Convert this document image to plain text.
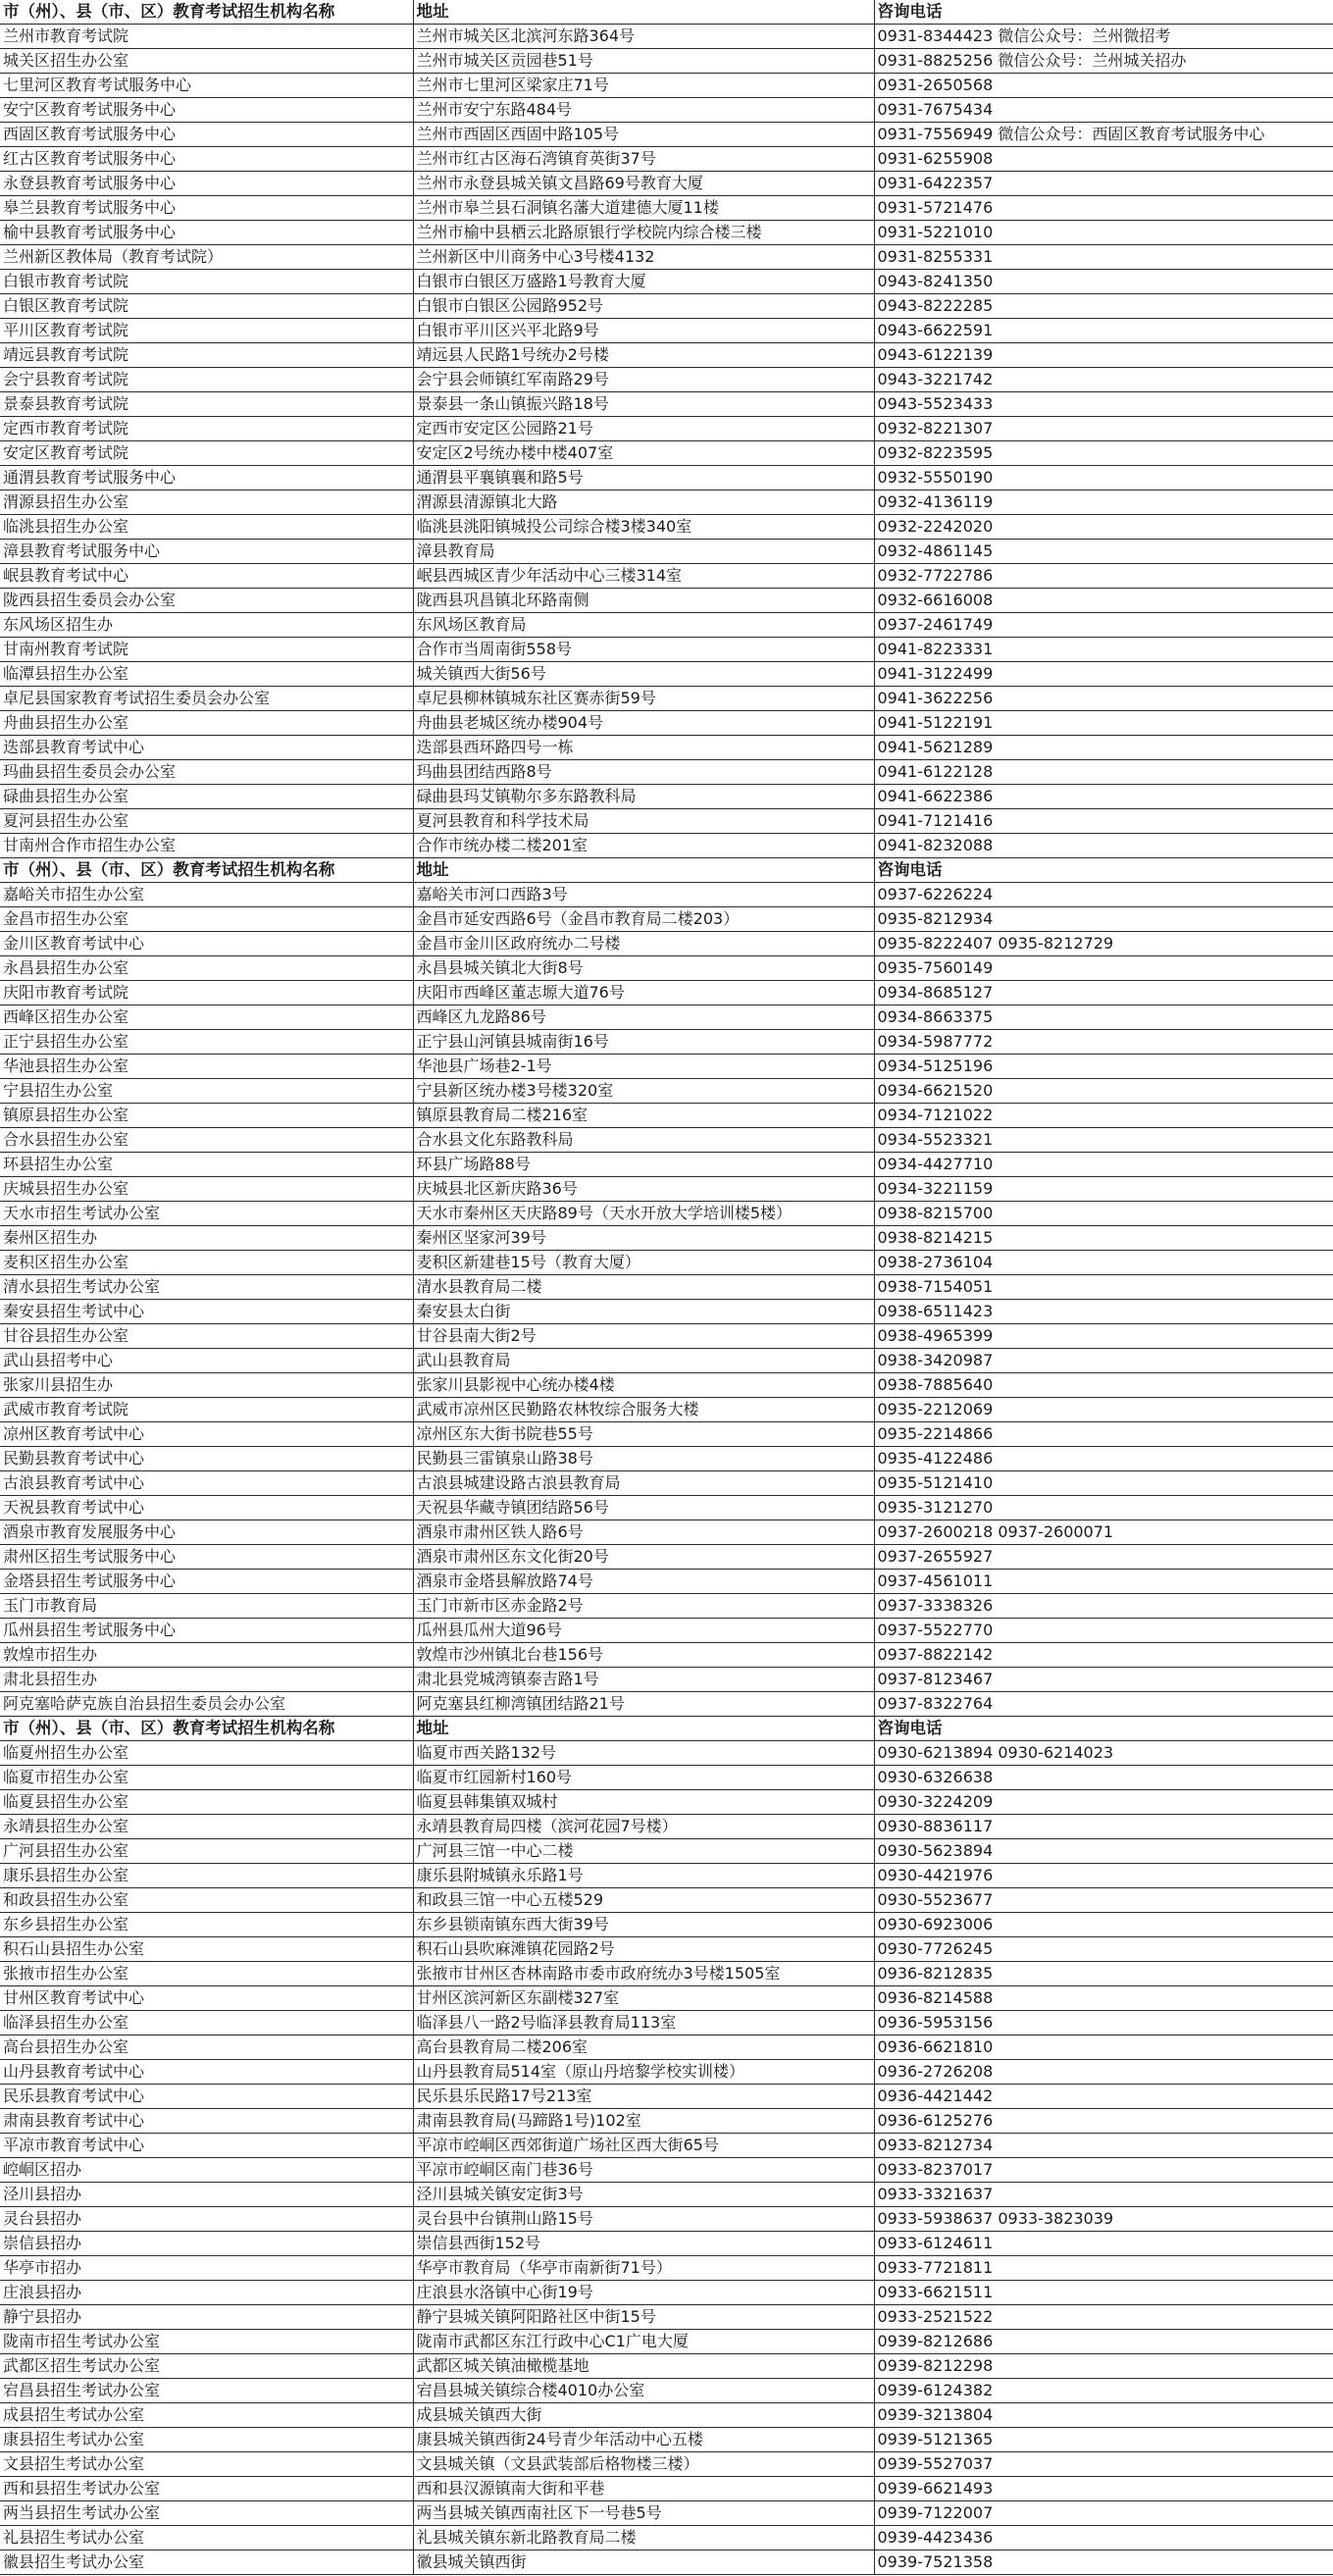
市（州）、县（市、区）教育考试招生机构名称	地址	咨询电话
兰州市教育考试院	兰州市城关区北滨河东路364号	0931-8344423 微信公众号：兰州微招考
城关区招生办公室	兰州市城关区贡园巷51号	0931-8825256 微信公众号：兰州城关招办
七里河区教育考试服务中心	兰州市七里河区梁家庄71号	0931-2650568
安宁区教育考试服务中心	兰州市安宁东路484号	0931-7675434
西固区教育考试服务中心	兰州市西固区西固中路105号	0931-7556949 微信公众号：西固区教育考试服务中心
红古区教育考试服务中心	兰州市红古区海石湾镇育英街37号	0931-6255908
永登县教育考试服务中心	兰州市永登县城关镇文昌路69号教育大厦	0931-6422357
皋兰县教育考试服务中心	兰州市皋兰县石洞镇名藩大道建德大厦11楼	0931-5721476
榆中县教育考试服务中心	兰州市榆中县栖云北路原银行学校院内综合楼三楼	0931-5221010
兰州新区教体局（教育考试院）	兰州新区中川商务中心3号楼4132	0931-8255331
白银市教育考试院	白银市白银区万盛路1号教育大厦	0943-8241350
白银区教育考试院	白银市白银区公园路952号	0943-8222285
平川区教育考试院	白银市平川区兴平北路9号	0943-6622591
靖远县教育考试院	靖远县人民路1号统办2号楼	0943-6122139
会宁县教育考试院	会宁县会师镇红军南路29号	0943-3221742
景泰县教育考试院	景泰县一条山镇振兴路18号	0943-5523433
定西市教育考试院	定西市安定区公园路21号	0932-8221307
安定区教育考试院	安定区2号统办楼中楼407室	0932-8223595
通渭县教育考试服务中心	通渭县平襄镇襄和路5号	0932-5550190
渭源县招生办公室	渭源县清源镇北大路	0932-4136119
临洮县招生办公室	临洮县洮阳镇城投公司综合楼3楼340室	0932-2242020
漳县教育考试服务中心	漳县教育局	0932-4861145
岷县教育考试中心	岷县西城区青少年活动中心三楼314室	0932-7722786
陇西县招生委员会办公室	陇西县巩昌镇北环路南侧	0932-6616008
东风场区招生办	东风场区教育局	0937-2461749
甘南州教育考试院	合作市当周南街558号	0941-8223331
临潭县招生办公室	城关镇西大街56号	0941-3122499
卓尼县国家教育考试招生委员会办公室	卓尼县柳林镇城东社区赛赤街59号	0941-3622256
舟曲县招生办公室	舟曲县老城区统办楼904号	0941-5122191
迭部县教育考试中心	迭部县西环路四号一栋	0941-5621289
玛曲县招生委员会办公室	玛曲县团结西路8号	0941-6122128
碌曲县招生办公室	碌曲县玛艾镇勒尔多东路教科局	0941-6622386
夏河县招生办公室	夏河县教育和科学技术局	0941-7121416
甘南州合作市招生办公室	合作市统办楼二楼201室	0941-8232088
市（州）、县（市、区）教育考试招生机构名称	地址	咨询电话
嘉峪关市招生办公室	嘉峪关市河口西路3号	0937-6226224
金昌市招生办公室	金昌市延安西路6号（金昌市教育局二楼203）	0935-8212934
金川区教育考试中心	金昌市金川区政府统办二号楼	0935-8222407 0935-8212729
永昌县招生办公室	永昌县城关镇北大街8号	0935-7560149
庆阳市教育考试院	庆阳市西峰区董志塬大道76号	0934-8685127
西峰区招生办公室	西峰区九龙路86号	0934-8663375
正宁县招生办公室	正宁县山河镇县城南街16号	0934-5987772
华池县招生办公室	华池县广场巷2-1号	0934-5125196
宁县招生办公室	宁县新区统办楼3号楼320室	0934-6621520
镇原县招生办公室	镇原县教育局二楼216室	0934-7121022
合水县招生办公室	合水县文化东路教科局	0934-5523321
环县招生办公室	环县广场路88号	0934-4427710
庆城县招生办公室	庆城县北区新庆路36号	0934-3221159
天水市招生考试办公室	天水市秦州区天庆路89号（天水开放大学培训楼5楼）	0938-8215700
秦州区招生办	秦州区坚家河39号	0938-8214215
麦积区招生办公室	麦积区新建巷15号（教育大厦）	0938-2736104
清水县招生考试办公室	清水县教育局二楼	0938-7154051
秦安县招生考试中心	秦安县太白街	0938-6511423
甘谷县招生办公室	甘谷县南大街2号	0938-4965399
武山县招考中心	武山县教育局	0938-3420987
张家川县招生办	张家川县影视中心统办楼4楼	0938-7885640
武威市教育考试院	武威市凉州区民勤路农林牧综合服务大楼	0935-2212069
凉州区教育考试中心	凉州区东大街书院巷55号	0935-2214866
民勤县教育考试中心	民勤县三雷镇泉山路38号	0935-4122486
古浪县教育考试中心	古浪县城建设路古浪县教育局	0935-5121410
天祝县教育考试中心	天祝县华藏寺镇团结路56号	0935-3121270
酒泉市教育发展服务中心	酒泉市肃州区铁人路6号	0937-2600218 0937-2600071
肃州区招生考试服务中心	酒泉市肃州区东文化街20号	0937-2655927
金塔县招生考试服务中心	酒泉市金塔县解放路74号	0937-4561011
玉门市教育局	玉门市新市区赤金路2号	0937-3338326
瓜州县招生考试服务中心	瓜州县瓜州大道96号	0937-5522770
敦煌市招生办	敦煌市沙州镇北台巷156号	0937-8822142
肃北县招生办	肃北县党城湾镇泰吉路1号	0937-8123467
阿克塞哈萨克族自治县招生委员会办公室	阿克塞县红柳湾镇团结路21号	0937-8322764
市（州）、县（市、区）教育考试招生机构名称	地址	咨询电话
临夏州招生办公室	临夏市西关路132号	0930-6213894 0930-6214023
临夏市招生办公室	临夏市红园新村160号	0930-6326638
临夏县招生办公室	临夏县韩集镇双城村	0930-3224209
永靖县招生办公室	永靖县教育局四楼（滨河花园7号楼）	0930-8836117
广河县招生办公室	广河县三馆一中心二楼	0930-5623894
康乐县招生办公室	康乐县附城镇永乐路1号	0930-4421976
和政县招生办公室	和政县三馆一中心五楼529	0930-5523677
东乡县招生办公室	东乡县锁南镇东西大街39号	0930-6923006
积石山县招生办公室	积石山县吹麻滩镇花园路2号	0930-7726245
张掖市招生办公室	张掖市甘州区杏林南路市委市政府统办3号楼1505室	0936-8212835
甘州区教育考试中心	甘州区滨河新区东副楼327室	0936-8214588
临泽县招生办公室	临泽县八一路2号临泽县教育局113室	0936-5953156
高台县招生办公室	高台县教育局二楼206室	0936-6621810
山丹县教育考试中心	山丹县教育局514室（原山丹培黎学校实训楼）	0936-2726208
民乐县教育考试中心	民乐县乐民路17号213室	0936-4421442
肃南县教育考试中心	肃南县教育局(马蹄路1号)102室	0936-6125276
平凉市教育考试中心	平凉市崆峒区西郊街道广场社区西大街65号	0933-8212734
崆峒区招办	平凉市崆峒区南门巷36号	0933-8237017
泾川县招办	泾川县城关镇安定街3号	0933-3321637
灵台县招办	灵台县中台镇荆山路15号	0933-5938637 0933-3823039
崇信县招办	崇信县西街152号	0933-6124611
华亭市招办	华亭市教育局（华亭市南新街71号）	0933-7721811
庄浪县招办	庄浪县水洛镇中心街19号	0933-6621511
静宁县招办	静宁县城关镇阿阳路社区中街15号	0933-2521522
陇南市招生考试办公室	陇南市武都区东江行政中心C1广电大厦	0939-8212686
武都区招生考试办公室	武都区城关镇油橄榄基地	0939-8212298
宕昌县招生考试办公室	宕昌县城关镇综合楼4010办公室	0939-6124382
成县招生考试办公室	成县城关镇西大街	0939-3213804
康县招生考试办公室	康县城关镇西街24号青少年活动中心五楼	0939-5121365
文县招生考试办公室	文县城关镇（文县武装部后格物楼三楼）	0939-5527037
西和县招生考试办公室	西和县汉源镇南大街和平巷	0939-6621493
两当县招生考试办公室	两当县城关镇西南社区下一号巷5号	0939-7122007
礼县招生考试办公室	礼县城关镇东新北路教育局二楼	0939-4423436
徽县招生考试办公室	徽县城关镇西街	0939-7521358
